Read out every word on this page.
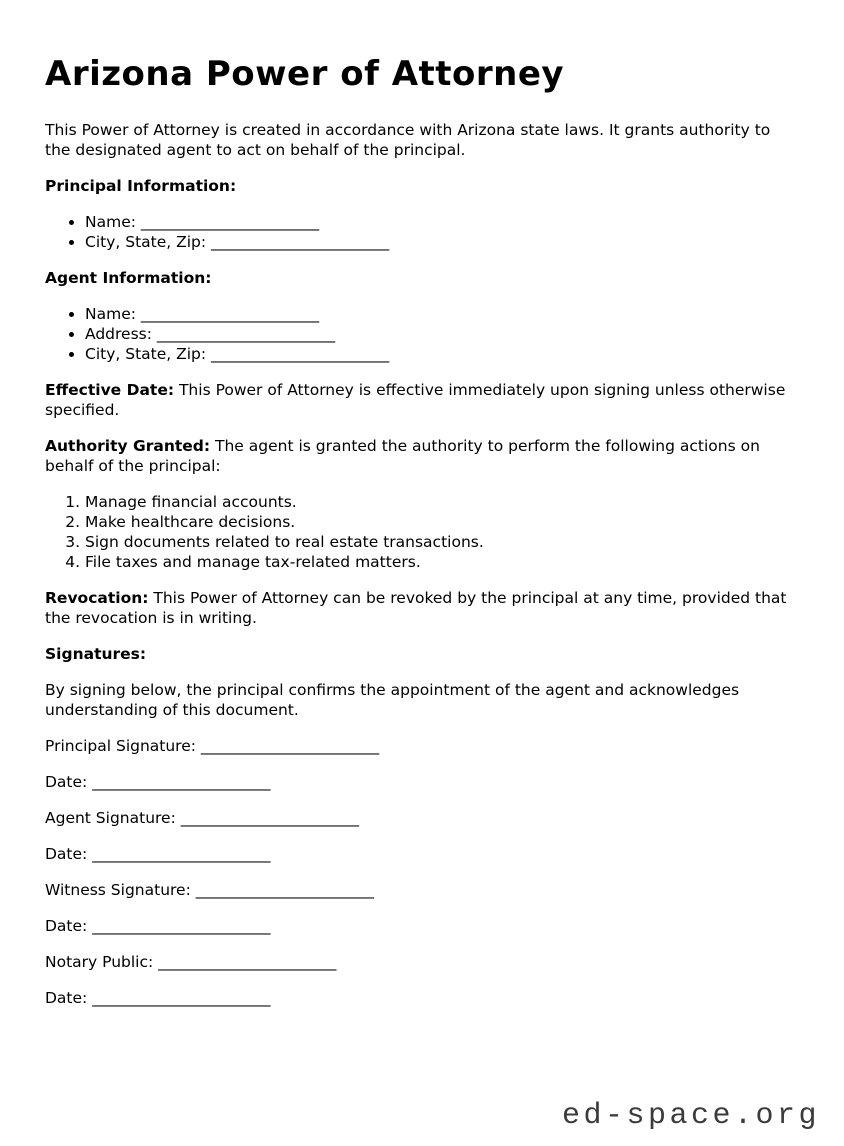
Arizona Power of Attorney

This Power of Attorney is created in accordance with Arizona state laws. It grants authority to the designated agent to act on behalf of the principal.

Principal Information:

• Name: _______________________
• City, State, Zip: _______________________

Agent Information:

• Name: _______________________
• Address: _______________________
• City, State, Zip: _______________________

Effective Date: This Power of Attorney is effective immediately upon signing unless otherwise specified.

Authority Granted: The agent is granted the authority to perform the following actions on behalf of the principal:

1. Manage financial accounts.
2. Make healthcare decisions.
3. Sign documents related to real estate transactions.
4. File taxes and manage tax-related matters.

Revocation: This Power of Attorney can be revoked by the principal at any time, provided that the revocation is in writing.

Signatures:

By signing below, the principal confirms the appointment of the agent and acknowledges understanding of this document.

Principal Signature: _______________________

Date: _______________________

Agent Signature: _______________________

Date: _______________________

Witness Signature: _______________________

Date: _______________________

Notary Public: _______________________

Date: _______________________

ed-space.org
